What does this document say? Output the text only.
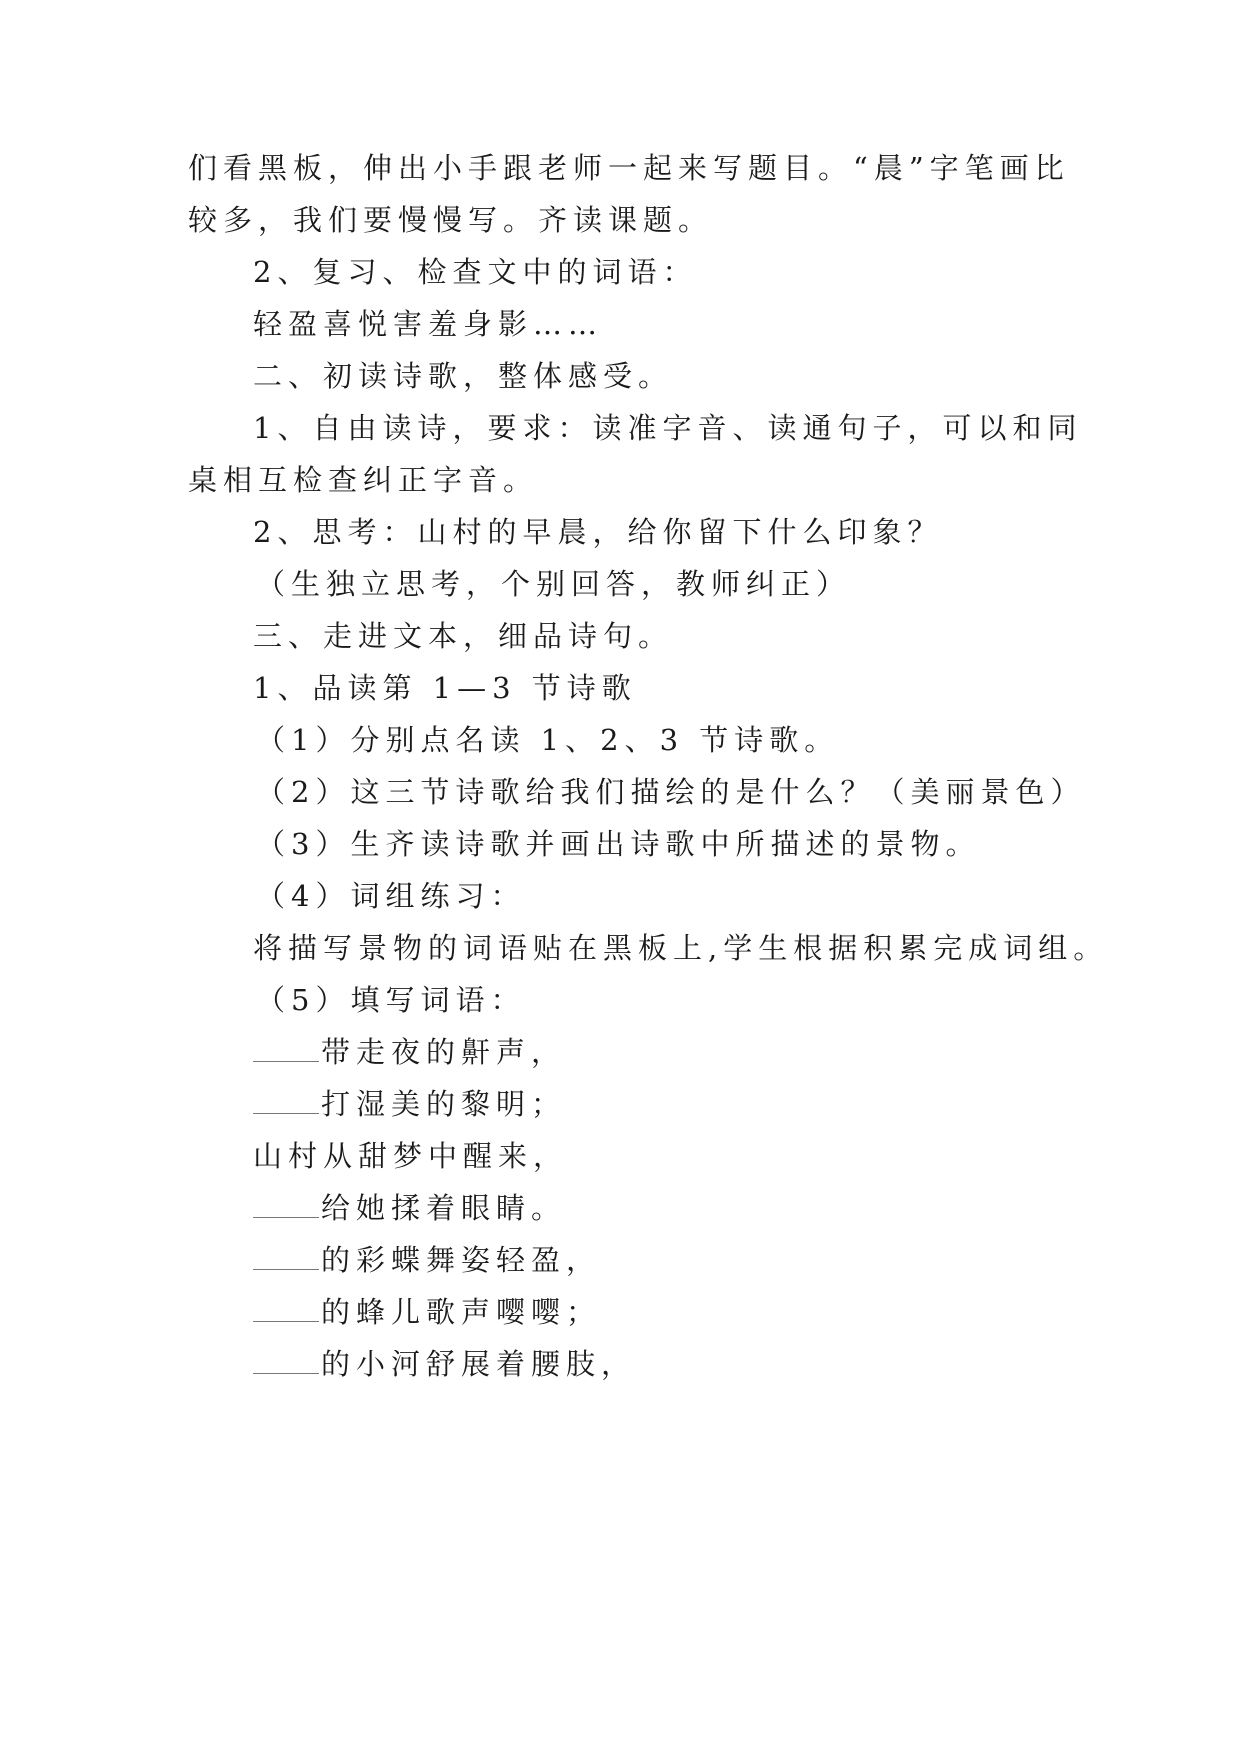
们看黑板，伸出小手跟老师一起来写题目。“晨”字笔画比
较多，我们要慢慢写。齐读课题。
2、复习、检查文中的词语：
轻盈喜悦害羞身影……
二、初读诗歌，整体感受。
1、自由读诗，要求：读准字音、读通句子，可以和同
桌相互检查纠正字音。
2、思考：山村的早晨，给你留下什么印象？
（生独立思考，个别回答，教师纠正）
三、走进文本，细品诗句。
1、品读第 1—3 节诗歌
（1）分别点名读 1、2、3 节诗歌。
（2）这三节诗歌给我们描绘的是什么？（美丽景色）
（3）生齐读诗歌并画出诗歌中所描述的景物。
（4）词组练习：
将描写景物的词语贴在黑板上,学生根据积累完成词组。
（5）填写词语：
带走夜的鼾声，
打湿美的黎明；
山村从甜梦中醒来，
给她揉着眼睛。
的彩蝶舞姿轻盈，
的蜂儿歌声嘤嘤；
的小河舒展着腰肢，
